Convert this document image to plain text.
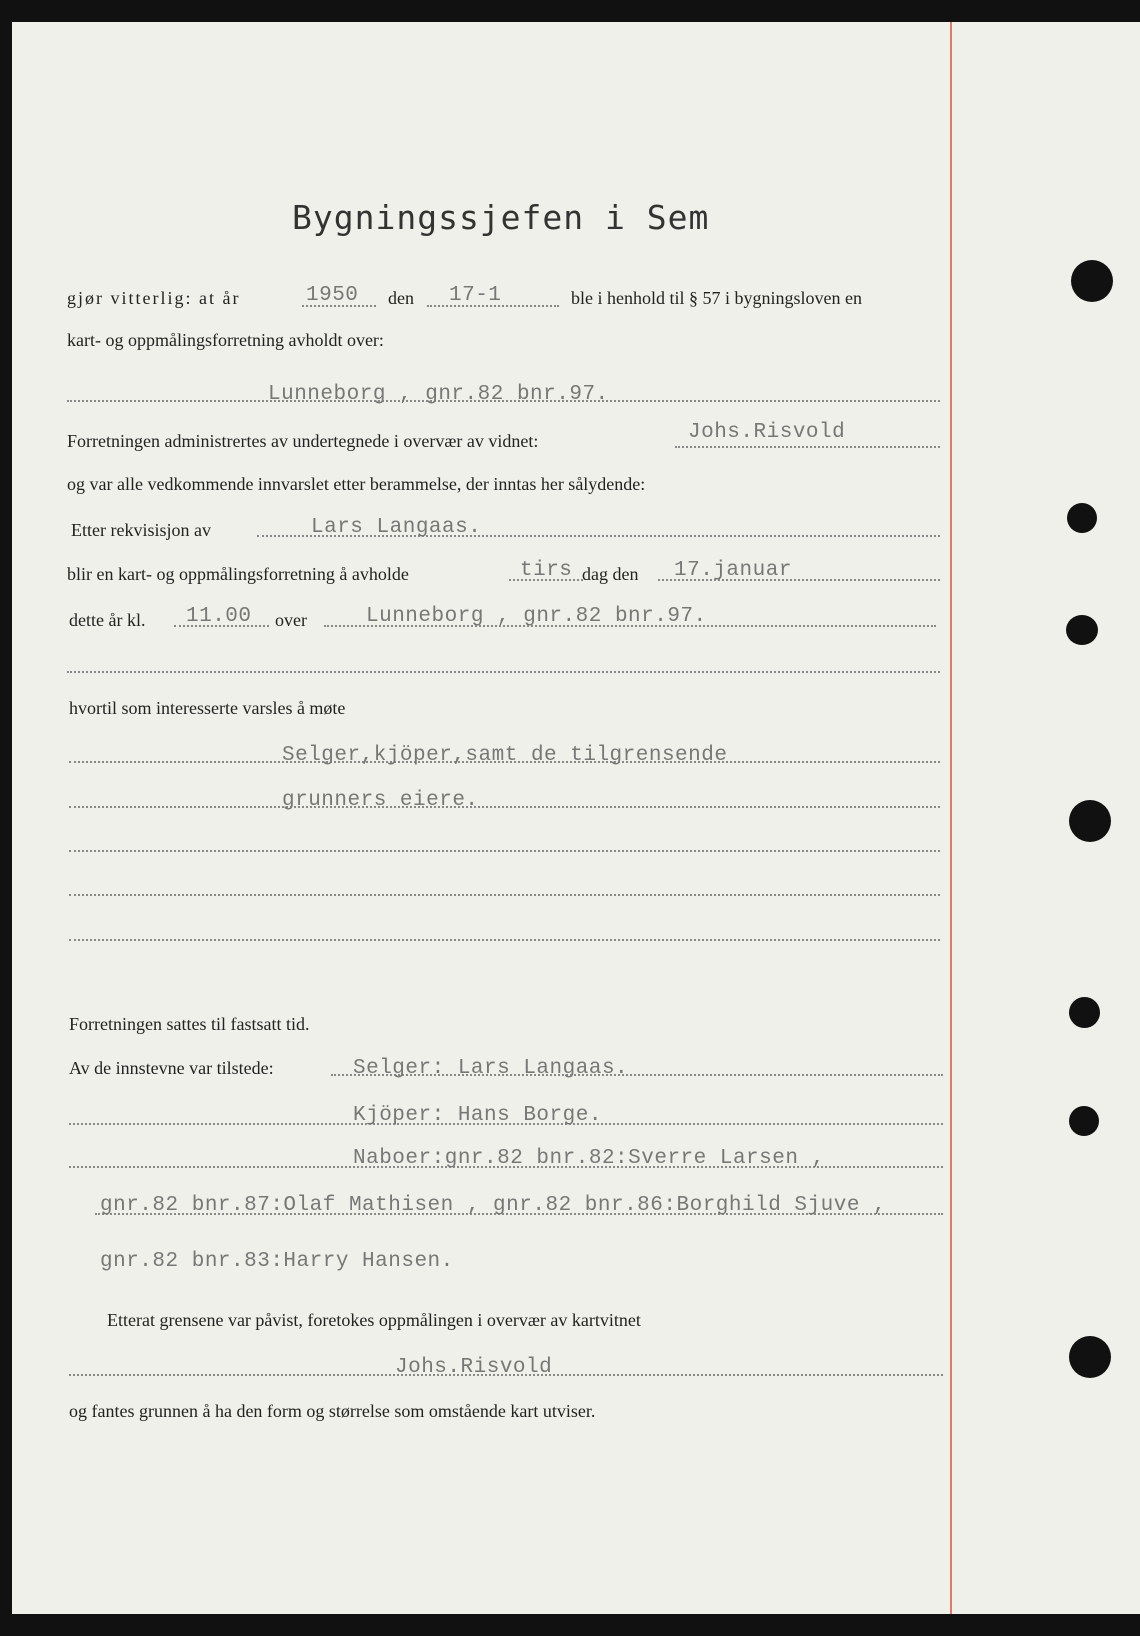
Bygningssjefen i Sem
gjør vitterlig: at år	1950 den 17-1	ble i henhold til § 57 i bygningsloven en
kart- og oppmålingsforretning avholdt over:
Lunneborg , gnr.82 bnr.97.
Forretningen administrertes av undertegnede i overvær av vidnet:	Johs.Risvold
og var alle vedkommende innvarslet etter berammelse, der inntas her sålydende:
Etter rekvisisjon av	Lars Langaas.
blir en kart- og oppmålingsforretning å avholde	tirs dag den 17.januar
dette år kl. 11.00 over	Lunneborg , gnr.82 bnr.97.
hvortil som interesserte varsles å møte
Selger,kjöper,samt de tilgrensende
grunners eiere.
Forretningen sattes til fastsatt tid.
Av de innstevne var tilstede:	Selger: Lars Langaas.
Kjöper: Hans Borge.
Naboer:gnr.82 bnr.82:Sverre Larsen ,
gnr.82 bnr.87:Olaf Mathisen , gnr.82 bnr.86:Borghild Sjuve ,
gnr.82 bnr.83:Harry Hansen.
Etterat grensene var påvist, foretokes oppmålingen i overvær av kartvitnet
Johs.Risvold
og fantes grunnen å ha den form og størrelse som omstående kart utviser.
